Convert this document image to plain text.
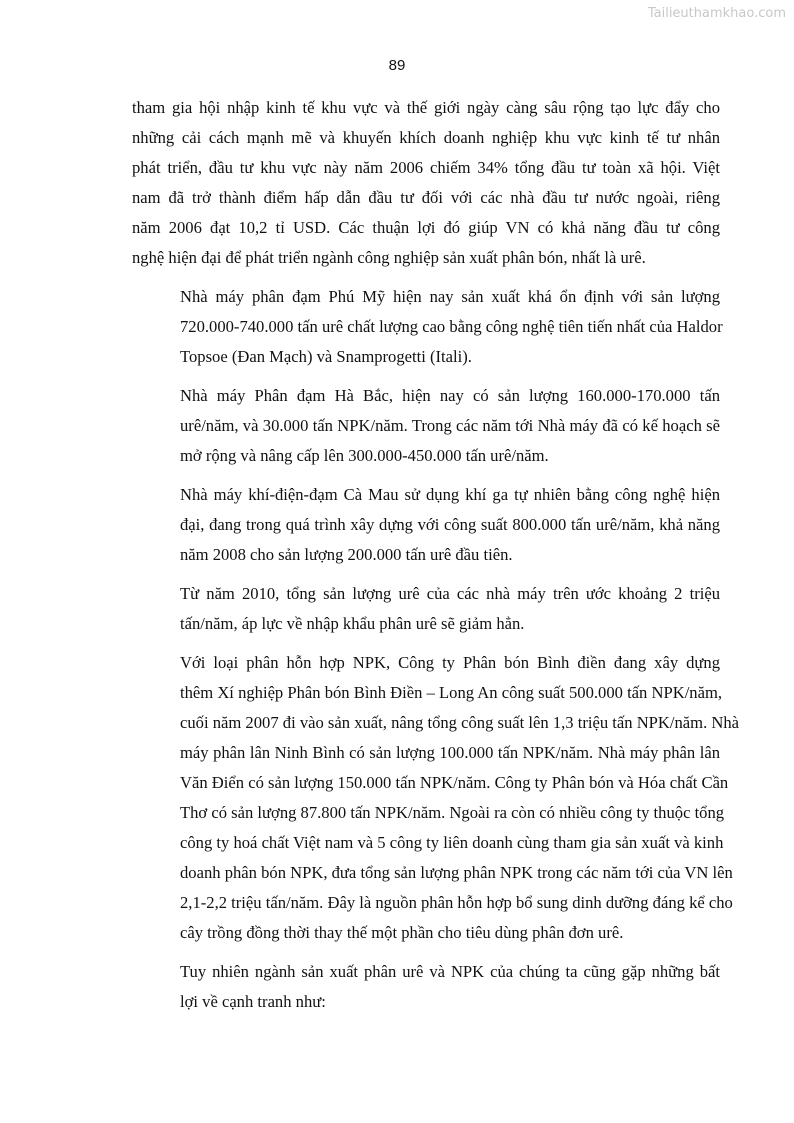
Tailieuthamkhao.com
89
tham gia hội nhập kinh tế khu vực và thế giới ngày càng sâu rộng tạo lực đẩy cho
những cải cách mạnh mẽ và khuyến khích doanh nghiệp khu vực kinh tế tư nhân
phát triển, đầu tư khu vực này năm 2006 chiếm 34% tổng đầu tư toàn xã hội. Việt
nam đã trở thành điểm hấp dẫn đầu tư đối với các nhà đầu tư nước ngoài, riêng
năm 2006 đạt 10,2 tỉ USD. Các thuận lợi đó giúp VN có khả năng đầu tư công
nghệ hiện đại để phát triển ngành công nghiệp sản xuất phân bón, nhất là urê.
Nhà máy phân đạm Phú Mỹ hiện nay sản xuất khá ổn định với sản lượng
720.000-740.000 tấn urê chất lượng cao bằng công nghệ tiên tiến nhất của Haldor
Topsoe (Đan Mạch) và Snamprogetti (Itali).
Nhà máy Phân đạm Hà Bắc, hiện nay có sản lượng 160.000-170.000 tấn
urê/năm, và 30.000 tấn NPK/năm. Trong các năm tới Nhà máy đã có kế hoạch sẽ
mở rộng và nâng cấp lên 300.000-450.000 tấn urê/năm.
Nhà máy khí-điện-đạm Cà Mau sử dụng khí ga tự nhiên bằng công nghệ hiện
đại, đang trong quá trình xây dựng với công suất 800.000 tấn urê/năm, khả năng
năm 2008 cho sản lượng 200.000 tấn urê đầu tiên.
Từ năm 2010, tổng sản lượng urê của các nhà máy trên ước khoảng 2 triệu
tấn/năm, áp lực về nhập khẩu phân urê sẽ giảm hẳn.
Với loại phân hỗn hợp NPK, Công ty Phân bón Bình điền đang xây dựng
thêm Xí nghiệp Phân bón Bình Điền – Long An công suất 500.000 tấn NPK/năm,
cuối năm 2007 đi vào sản xuất, nâng tổng công suất lên 1,3 triệu tấn NPK/năm. Nhà
máy phân lân Ninh Bình có sản lượng 100.000 tấn NPK/năm. Nhà máy phân lân
Văn Điển có sản lượng 150.000 tấn NPK/năm. Công ty Phân bón và Hóa chất Cần
Thơ có sản lượng 87.800 tấn NPK/năm. Ngoài ra còn có nhiều công ty thuộc tổng
công ty hoá chất Việt nam và 5 công ty liên doanh cùng tham gia sản xuất và kinh
doanh phân bón NPK, đưa tổng sản lượng phân NPK trong các năm tới của VN lên
2,1-2,2 triệu tấn/năm. Đây là nguồn phân hỗn hợp bổ sung dinh dưỡng đáng kể cho
cây trồng đồng thời thay thế một phần cho tiêu dùng phân đơn urê.
Tuy nhiên ngành sản xuất phân urê và NPK của chúng ta cũng gặp những bất
lợi về cạnh tranh như:
